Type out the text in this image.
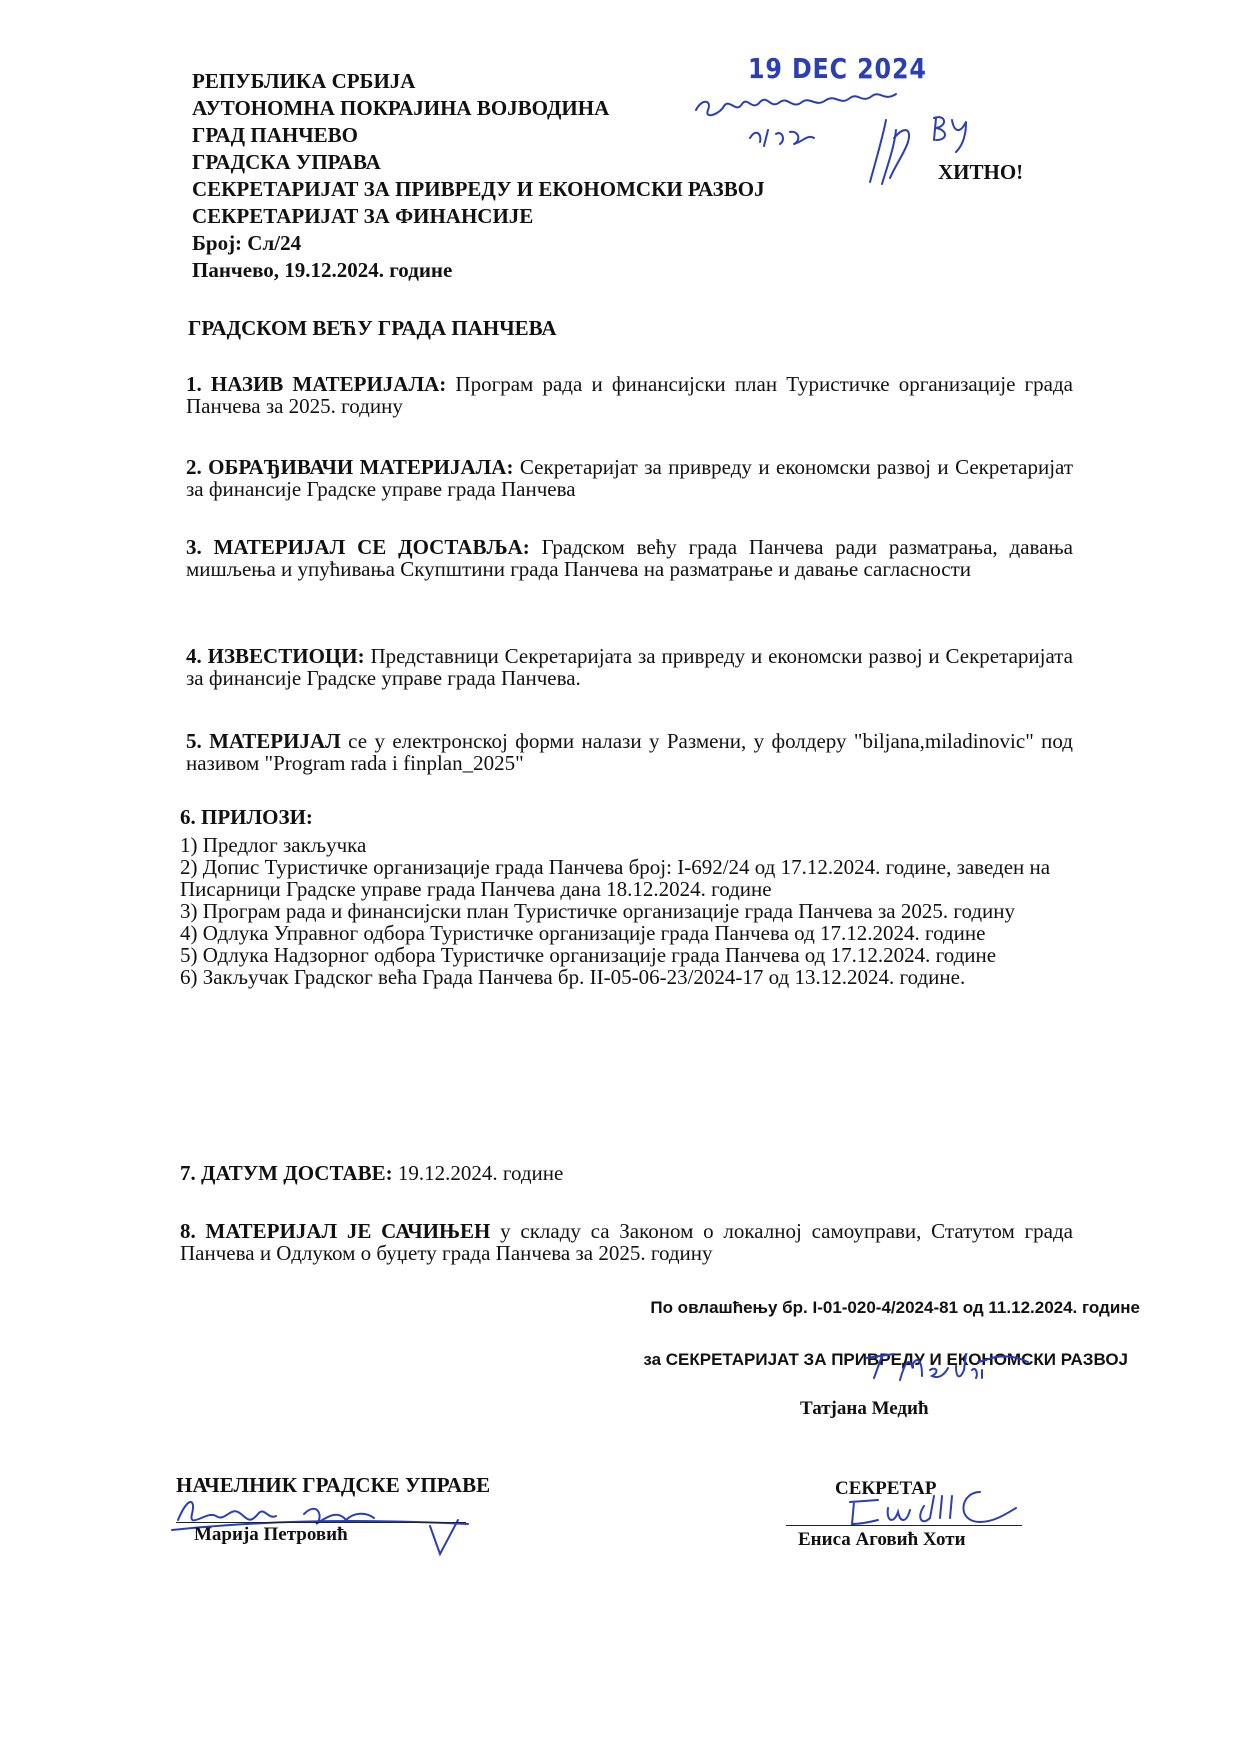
РЕПУБЛИКА СРБИЈА
АУТОНОМНА ПОКРАЈИНА ВОЈВОДИНА
ГРАД ПАНЧЕВО
ГРАДСКА УПРАВА
СЕКРЕТАРИЈАТ ЗА ПРИВРЕДУ И ЕКОНОМСКИ РАЗВОЈ
СЕКРЕТАРИЈАТ ЗА ФИНАНСИЈЕ
Број: Сл/24
Панчево, 19.12.2024. године
19 DEC 2024
ХИТНО!
ГРАДСКОМ ВЕЋУ ГРАДА ПАНЧЕВА
1. НАЗИВ МАТЕРИЈАЛА: Програм рада и финансијски план Туристичке организације града Панчева за 2025. годину
2. ОБРАЂИВАЧИ МАТЕРИЈАЛА: Секретаријат за привреду и економски развој и Секретаријат за финансије Градске управе града Панчева
3. МАТЕРИЈАЛ СЕ ДОСТАВЉА: Градском већу града Панчева ради разматрања, давања мишљења и упућивања Скупштини града Панчева на разматрање и давање сагласности
4. ИЗВЕСТИОЦИ: Представници Секретаријата за привреду и економски развој и Секретаријата за финансије Градске управе града Панчева.
5. МАТЕРИЈАЛ се у електронској форми налази у Размени, у фолдеру "biljana,miladinovic" под називом "Program rada i finplan_2025"
6. ПРИЛОЗИ:
1) Предлог закључка
2) Допис Туристичке организације града Панчева број: I-692/24 од 17.12.2024. године, заведен на Писарници Градске управе града Панчева дана 18.12.2024. године
3) Програм рада и финансијски план Туристичке организације града Панчева за 2025. годину
4) Одлука Управног одбора Туристичке организације града Панчева од 17.12.2024. године
5) Одлука Надзорног одбора Туристичке организације града Панчева од 17.12.2024. године
6) Закључак Градског већа Града Панчева бр. II-05-06-23/2024-17 од 13.12.2024. године.
7. ДАТУМ ДОСТАВЕ: 19.12.2024. године
8. МАТЕРИЈАЛ ЈЕ САЧИЊЕН у складу са Законом о локалној самоуправи, Статутом града Панчева и Одлуком о буџету града Панчева за 2025. годину
По овлашћењу бр. I-01-020-4/2024-81 од 11.12.2024. године
за СЕКРЕТАРИЈАТ ЗА ПРИВРЕДУ И ЕКОНОМСКИ РАЗВОЈ
Татјана Медић
НАЧЕЛНИК ГРАДСКЕ УПРАВЕ
Марија Петровић
СЕКРЕТАР
Ениса Аговић Хоти
